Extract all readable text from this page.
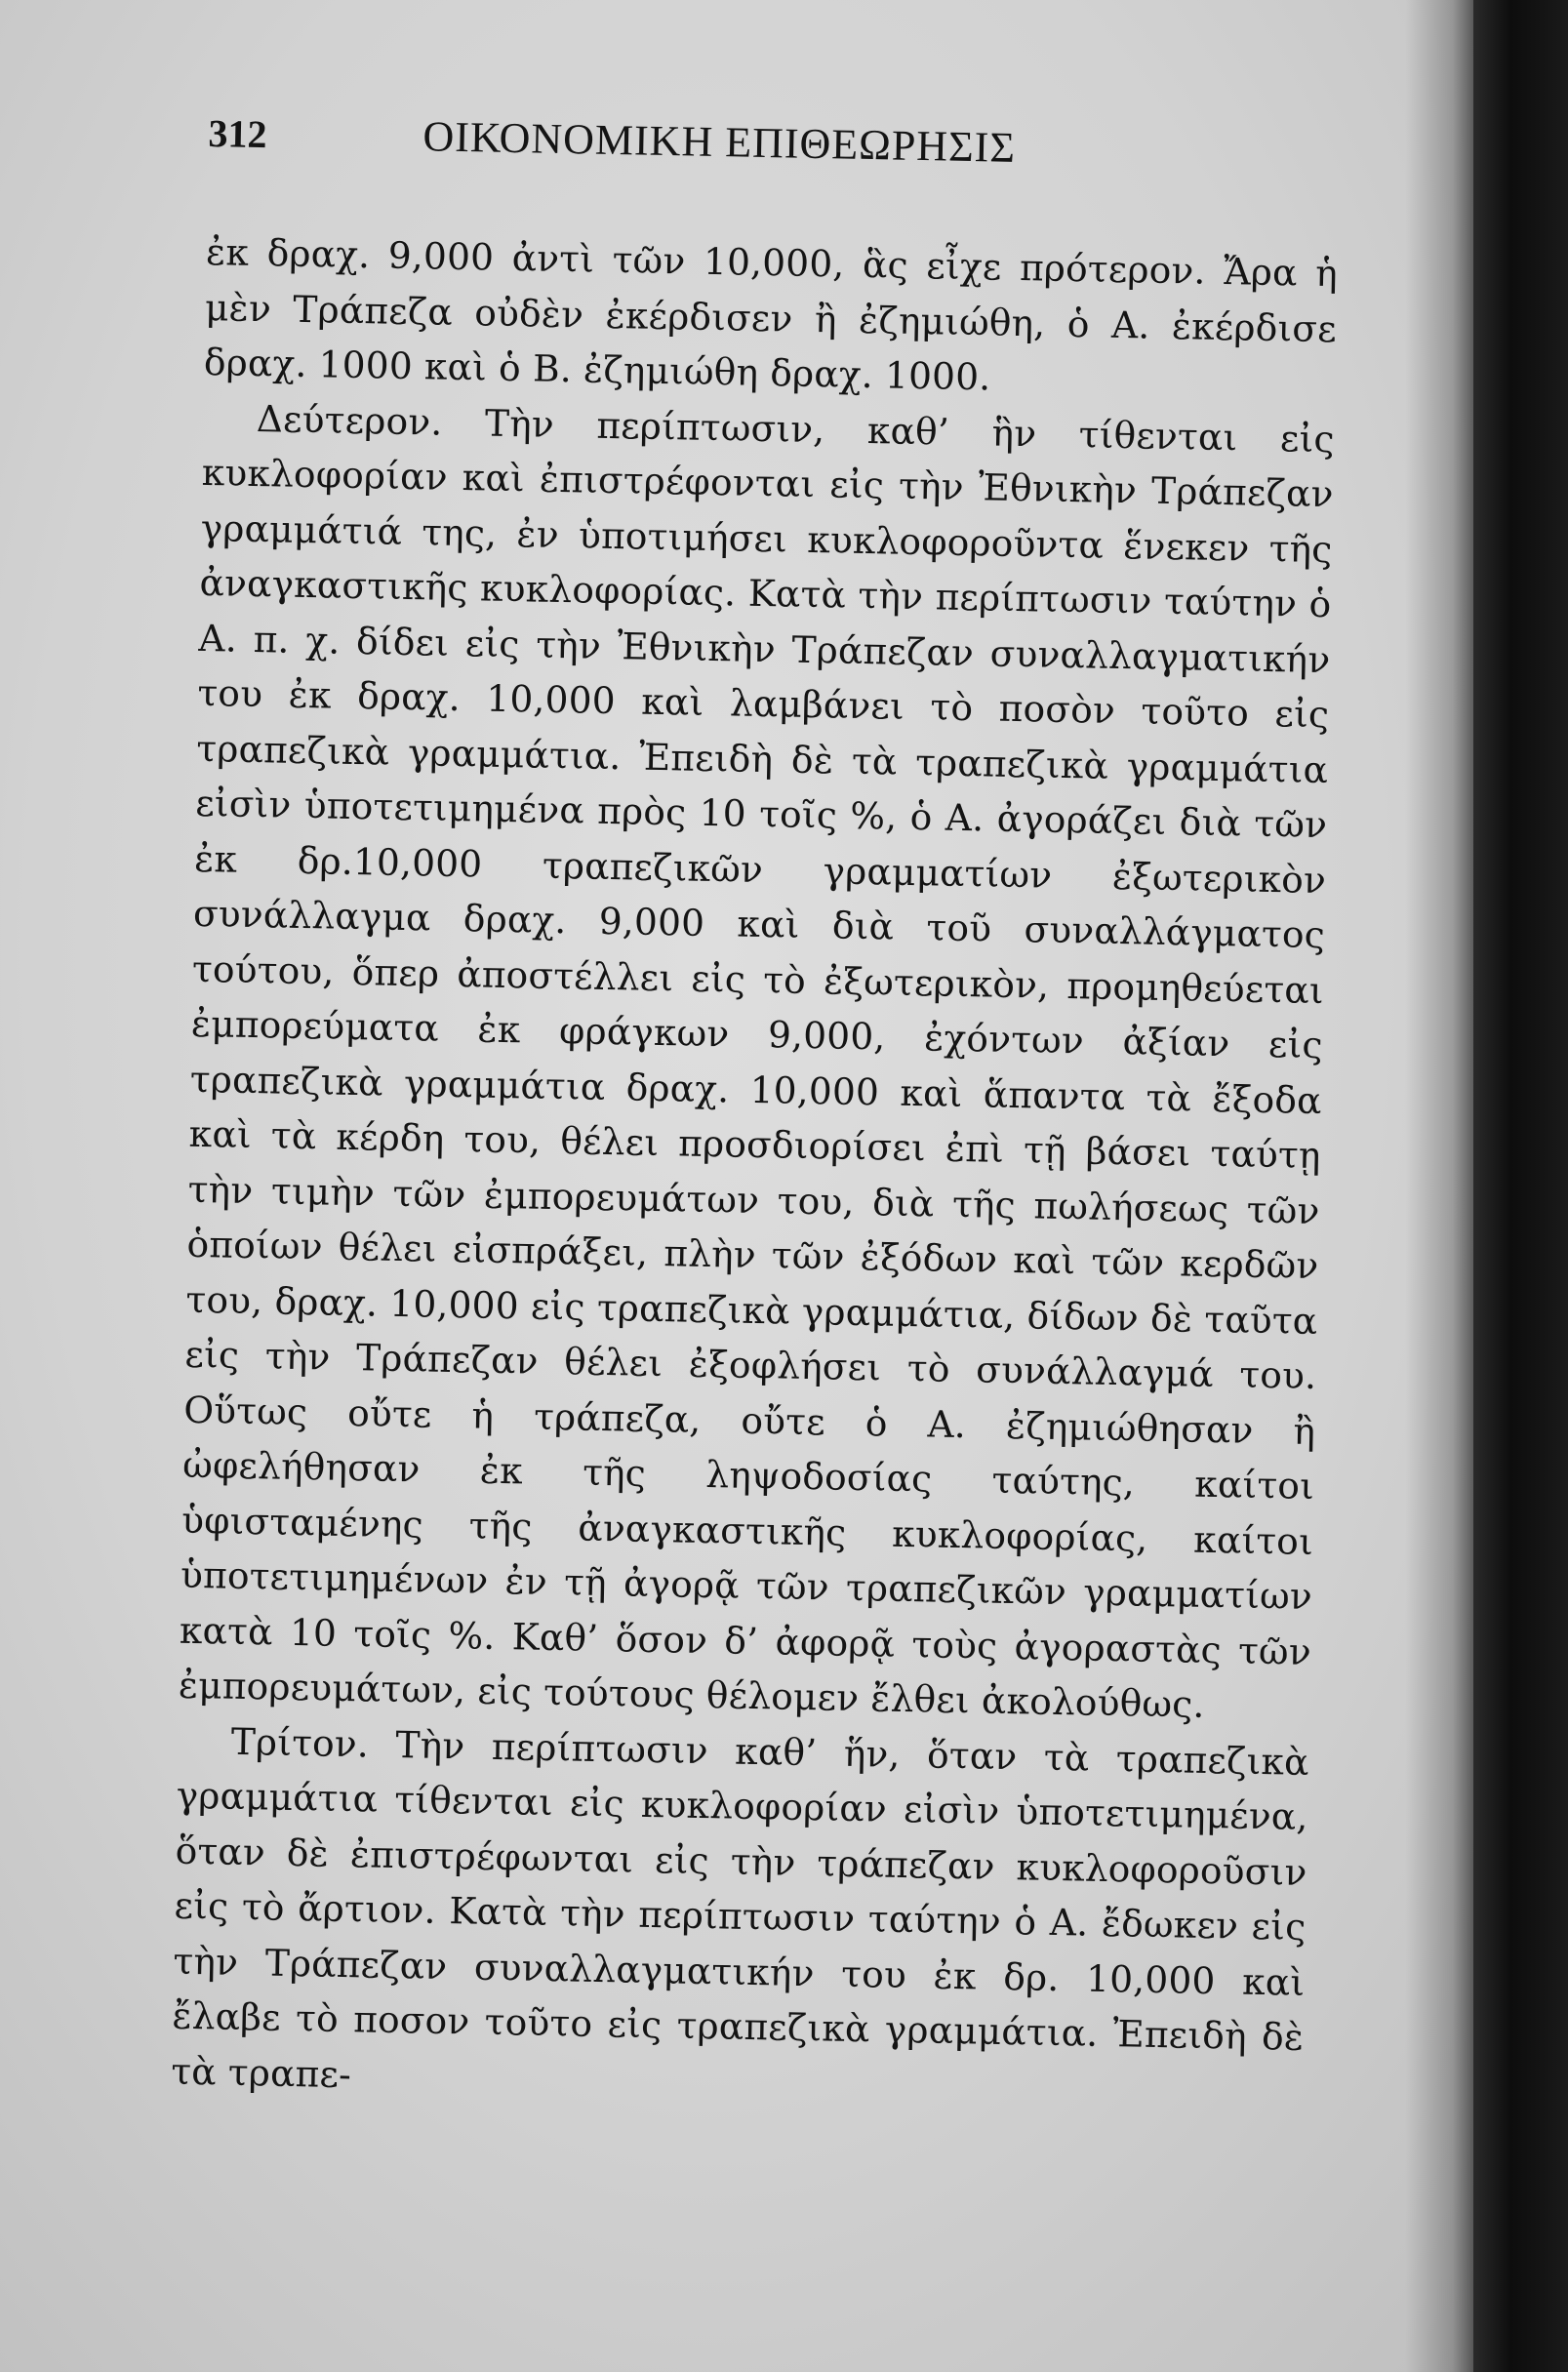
312	ΟΙΚΟΝΟΜΙΚΗ ΕΠΙΘΕΩΡΗΣΙΣ

ἐκ δραχ. 9,000 ἀντὶ τῶν 10,000, ἃς εἶχε πρότερον. Ἄρα ἡ μὲν Τράπεζα οὐδὲν ἐκέρδισεν ἢ ἐζημιώθη, ὁ Α. ἐκέρδισε δραχ. 1000 καὶ ὁ Β. ἐζημιώθη δραχ. 1000.

Δεύτερον. Τὴν περίπτωσιν, καθ’ ἣν τίθενται εἰς κυκλοφορίαν καὶ ἐπιστρέφονται εἰς τὴν Ἐθνικὴν Τράπεζαν γραμμάτιά της, ἐν ὑποτιμήσει κυκλοφοροῦντα ἕνεκεν τῆς ἀναγκαστικῆς κυκλοφορίας. Κατὰ τὴν περίπτωσιν ταύτην ὁ Α. π. χ. δίδει εἰς τὴν Ἐθνικὴν Τράπεζαν συναλλαγματικήν του ἐκ δραχ. 10,000 καὶ λαμβάνει τὸ ποσὸν τοῦτο εἰς τραπεζικὰ γραμμάτια. Ἐπειδὴ δὲ τὰ τραπεζικὰ γραμμάτια εἰσὶν ὑποτετιμημένα πρὸς 10 τοῖς %, ὁ Α. ἀγοράζει διὰ τῶν ἐκ δρ.10,000 τραπεζικῶν γραμματίων ἐξωτερικὸν συνάλλαγμα δραχ. 9,000 καὶ διὰ τοῦ συναλλάγματος τούτου, ὅπερ ἀποστέλλει εἰς τὸ ἐξωτερικὸν, προμηθεύεται ἐμπορεύματα ἐκ φράγκων 9,000, ἐχόντων ἀξίαν εἰς τραπεζικὰ γραμμάτια δραχ. 10,000 καὶ ἅπαντα τὰ ἔξοδα καὶ τὰ κέρδη του, θέλει προσδιορίσει ἐπὶ τῇ βάσει ταύτῃ τὴν τιμὴν τῶν ἐμπορευμάτων του, διὰ τῆς πωλήσεως τῶν ὁποίων θέλει εἰσπράξει, πλὴν τῶν ἐξόδων καὶ τῶν κερδῶν του, δραχ. 10,000 εἰς τραπεζικὰ γραμμάτια, δίδων δὲ ταῦτα εἰς τὴν Τράπεζαν θέλει ἐξοφλήσει τὸ συνάλλαγμά του. Οὕτως οὔτε ἡ τράπεζα, οὔτε ὁ Α. ἐζημιώθησαν ἢ ὠφελήθησαν ἐκ τῆς ληψοδοσίας ταύτης, καίτοι ὑφισταμένης τῆς ἀναγκαστικῆς κυκλοφορίας, καίτοι ὑποτετιμημένων ἐν τῇ ἀγορᾷ τῶν τραπεζικῶν γραμματίων κατὰ 10 τοῖς %. Καθ’ ὅσον δ’ ἀφορᾷ τοὺς ἀγοραστὰς τῶν ἐμπορευμάτων, εἰς τούτους θέλομεν ἔλθει ἀκολούθως.

Τρίτον. Τὴν περίπτωσιν καθ’ ἥν, ὅταν τὰ τραπεζικὰ γραμμάτια τίθενται εἰς κυκλοφορίαν εἰσὶν ὑποτετιμημένα, ὅταν δὲ ἐπιστρέφωνται εἰς τὴν τράπεζαν κυκλοφοροῦσιν εἰς τὸ ἄρτιον. Κατὰ τὴν περίπτωσιν ταύτην ὁ Α. ἔδωκεν εἰς τὴν Τράπεζαν συναλλαγματικήν του ἐκ δρ. 10,000 καὶ ἔλαβε τὸ ποσον τοῦτο εἰς τραπεζικὰ γραμμάτια. Ἐπειδὴ δὲ τὰ τραπε-
